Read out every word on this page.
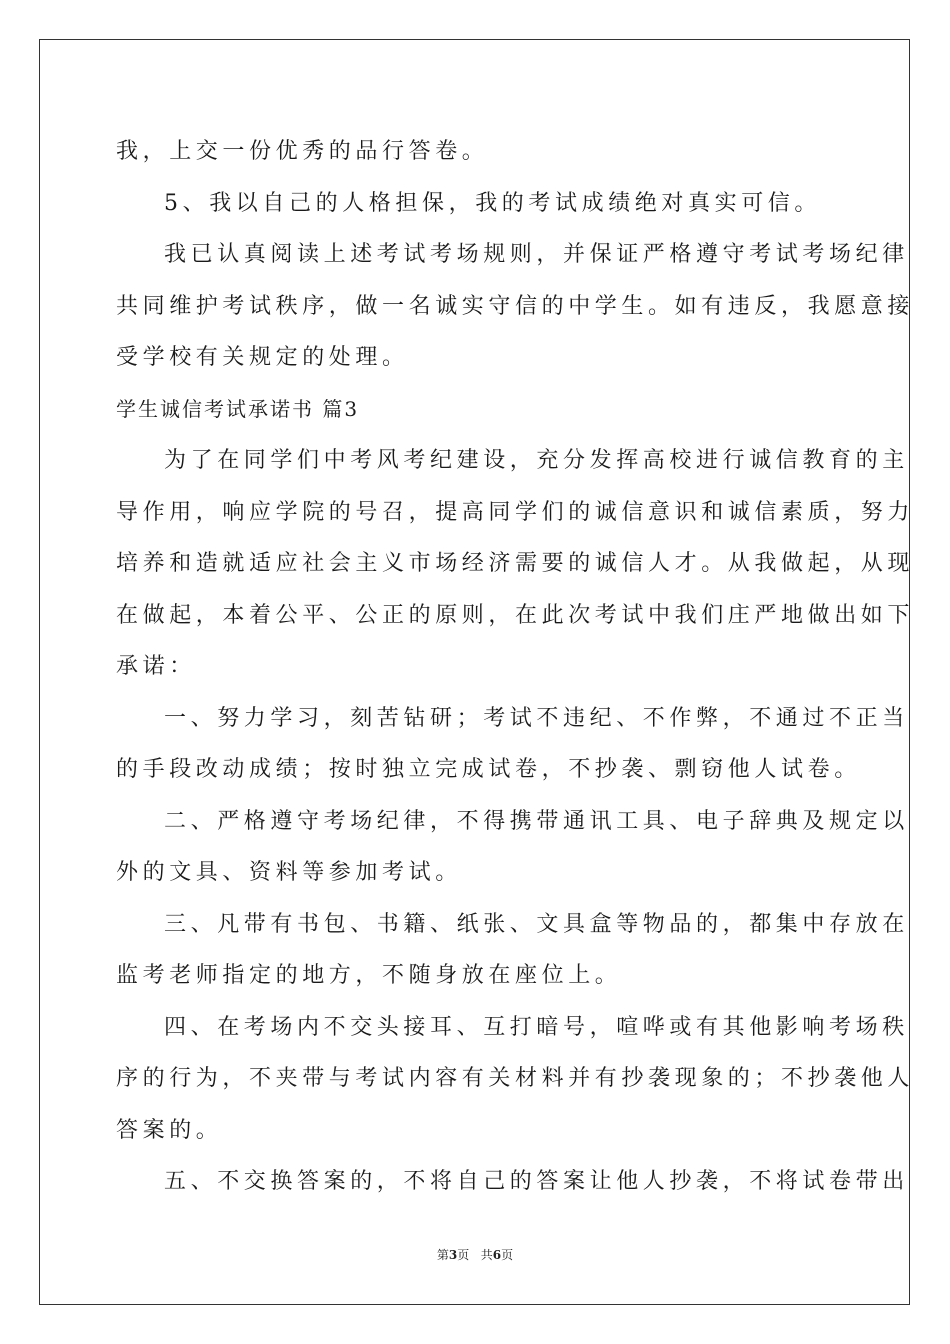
我，上交一份优秀的品行答卷。
5、我以自己的人格担保，我的考试成绩绝对真实可信。
我已认真阅读上述考试考场规则，并保证严格遵守考试考场纪律
共同维护考试秩序，做一名诚实守信的中学生。如有违反，我愿意接
受学校有关规定的处理。
学生诚信考试承诺书 篇3
为了在同学们中考风考纪建设，充分发挥高校进行诚信教育的主
导作用，响应学院的号召，提高同学们的诚信意识和诚信素质，努力
培养和造就适应社会主义市场经济需要的诚信人才。从我做起，从现
在做起，本着公平、公正的原则，在此次考试中我们庄严地做出如下
承诺：
一、努力学习，刻苦钻研；考试不违纪、不作弊，不通过不正当
的手段改动成绩；按时独立完成试卷，不抄袭、剽窃他人试卷。
二、严格遵守考场纪律，不得携带通讯工具、电子辞典及规定以
外的文具、资料等参加考试。
三、凡带有书包、书籍、纸张、文具盒等物品的，都集中存放在
监考老师指定的地方，不随身放在座位上。
四、在考场内不交头接耳、互打暗号，喧哗或有其他影响考场秩
序的行为，不夹带与考试内容有关材料并有抄袭现象的；不抄袭他人
答案的。
五、不交换答案的，不将自己的答案让他人抄袭，不将试卷带出
第3页 共6页
